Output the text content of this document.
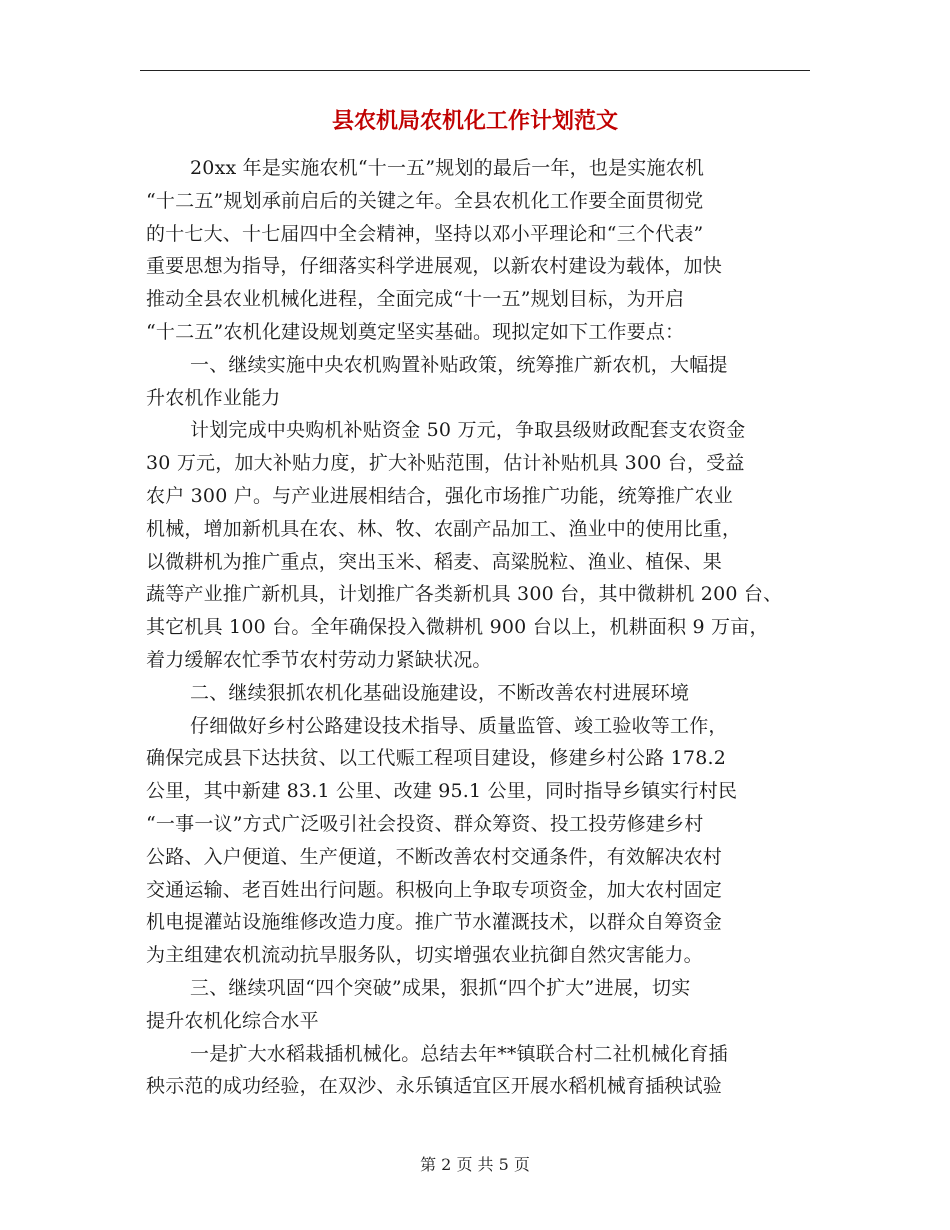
县农机局农机化工作计划范文
20xx 年是实施农机“十一五”规划的最后一年，也是实施农机
“十二五”规划承前启后的关键之年。全县农机化工作要全面贯彻党
的十七大、十七届四中全会精神，坚持以邓小平理论和“三个代表”
重要思想为指导，仔细落实科学进展观，以新农村建设为载体，加快
推动全县农业机械化进程，全面完成“十一五”规划目标，为开启
“十二五”农机化建设规划奠定坚实基础。现拟定如下工作要点：
一、继续实施中央农机购置补贴政策，统筹推广新农机，大幅提
升农机作业能力
计划完成中央购机补贴资金 50 万元，争取县级财政配套支农资金
30 万元，加大补贴力度，扩大补贴范围，估计补贴机具 300 台，受益
农户 300 户。与产业进展相结合，强化市场推广功能，统筹推广农业
机械，增加新机具在农、林、牧、农副产品加工、渔业中的使用比重，
以微耕机为推广重点，突出玉米、稻麦、高粱脱粒、渔业、植保、果
蔬等产业推广新机具，计划推广各类新机具 300 台，其中微耕机 200 台、
其它机具 100 台。全年确保投入微耕机 900 台以上，机耕面积 9 万亩，
着力缓解农忙季节农村劳动力紧缺状况。
二、继续狠抓农机化基础设施建设，不断改善农村进展环境
仔细做好乡村公路建设技术指导、质量监管、竣工验收等工作，
确保完成县下达扶贫、以工代赈工程项目建设，修建乡村公路 178.2
公里，其中新建 83.1 公里、改建 95.1 公里，同时指导乡镇实行村民
“一事一议”方式广泛吸引社会投资、群众筹资、投工投劳修建乡村
公路、入户便道、生产便道，不断改善农村交通条件，有效解决农村
交通运输、老百姓出行问题。积极向上争取专项资金，加大农村固定
机电提灌站设施维修改造力度。推广节水灌溉技术，以群众自筹资金
为主组建农机流动抗旱服务队，切实增强农业抗御自然灾害能力。
三、继续巩固“四个突破”成果，狠抓“四个扩大”进展，切实
提升农机化综合水平
一是扩大水稻栽插机械化。总结去年**镇联合村二社机械化育插
秧示范的成功经验，在双沙、永乐镇适宜区开展水稻机械育插秧试验
第 2 页 共 5 页
